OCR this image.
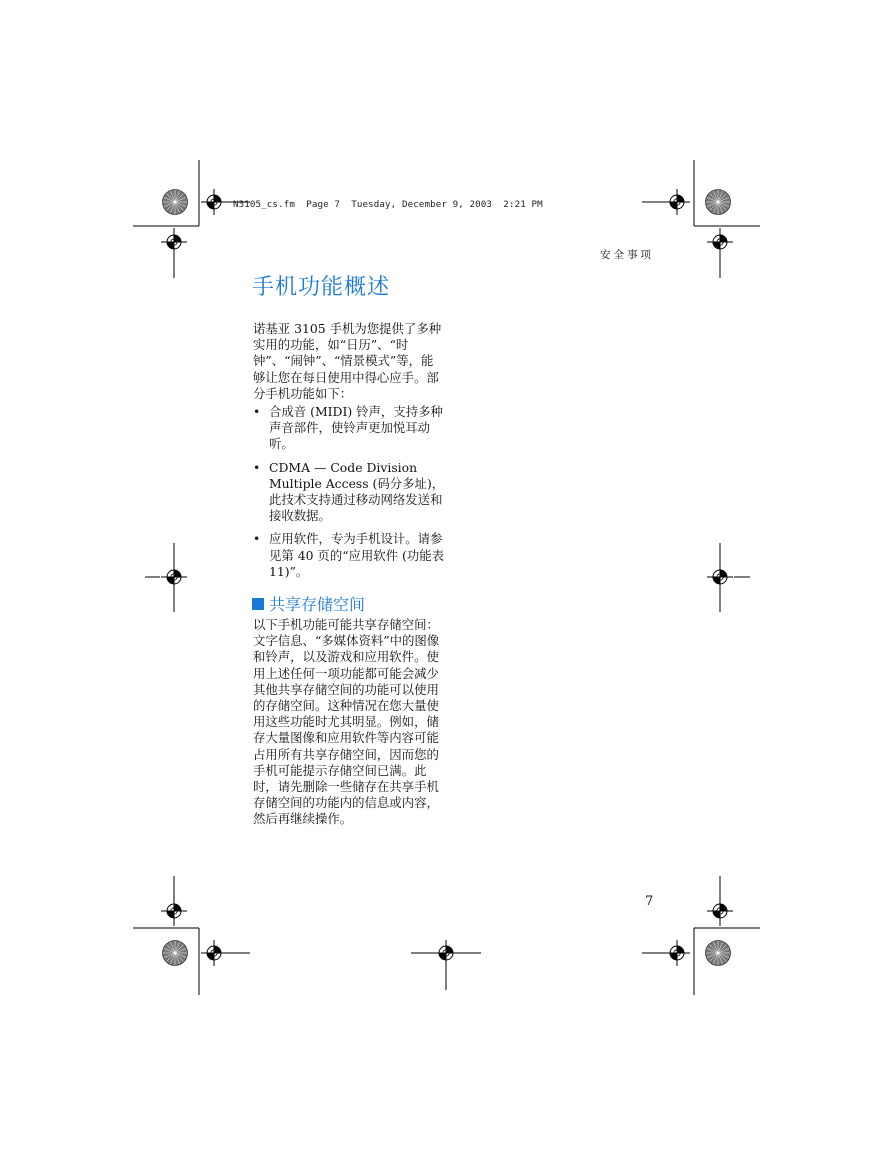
N3105_cs.fm  Page 7  Tuesday, December 9, 2003  2:21 PM
安全事项
手机功能概述

诺基亚 3105 手机为您提供了多种实用的功能，如“日历”、“时钟”、“闹钟”、“情景模式”等，能够让您在每日使用中得心应手。部分手机功能如下：

• 合成音 (MIDI) 铃声，支持多种声音部件，使铃声更加悦耳动听。
• CDMA — Code Division Multiple Access (码分多址)，此技术支持通过移动网络发送和接收数据。
• 应用软件，专为手机设计。请参见第 40 页的“应用软件 (功能表 11)”。
共享存储空间

以下手机功能可能共享存储空间：文字信息、“多媒体资料”中的图像和铃声，以及游戏和应用软件。使用上述任何一项功能都可能会减少其他共享存储空间的功能可以使用的存储空间。这种情况在您大量使用这些功能时尤其明显。例如，储存大量图像和应用软件等内容可能占用所有共享存储空间，因而您的手机可能提示存储空间已满。此时，请先删除一些储存在共享手机存储空间的功能内的信息或内容，然后再继续操作。

7
